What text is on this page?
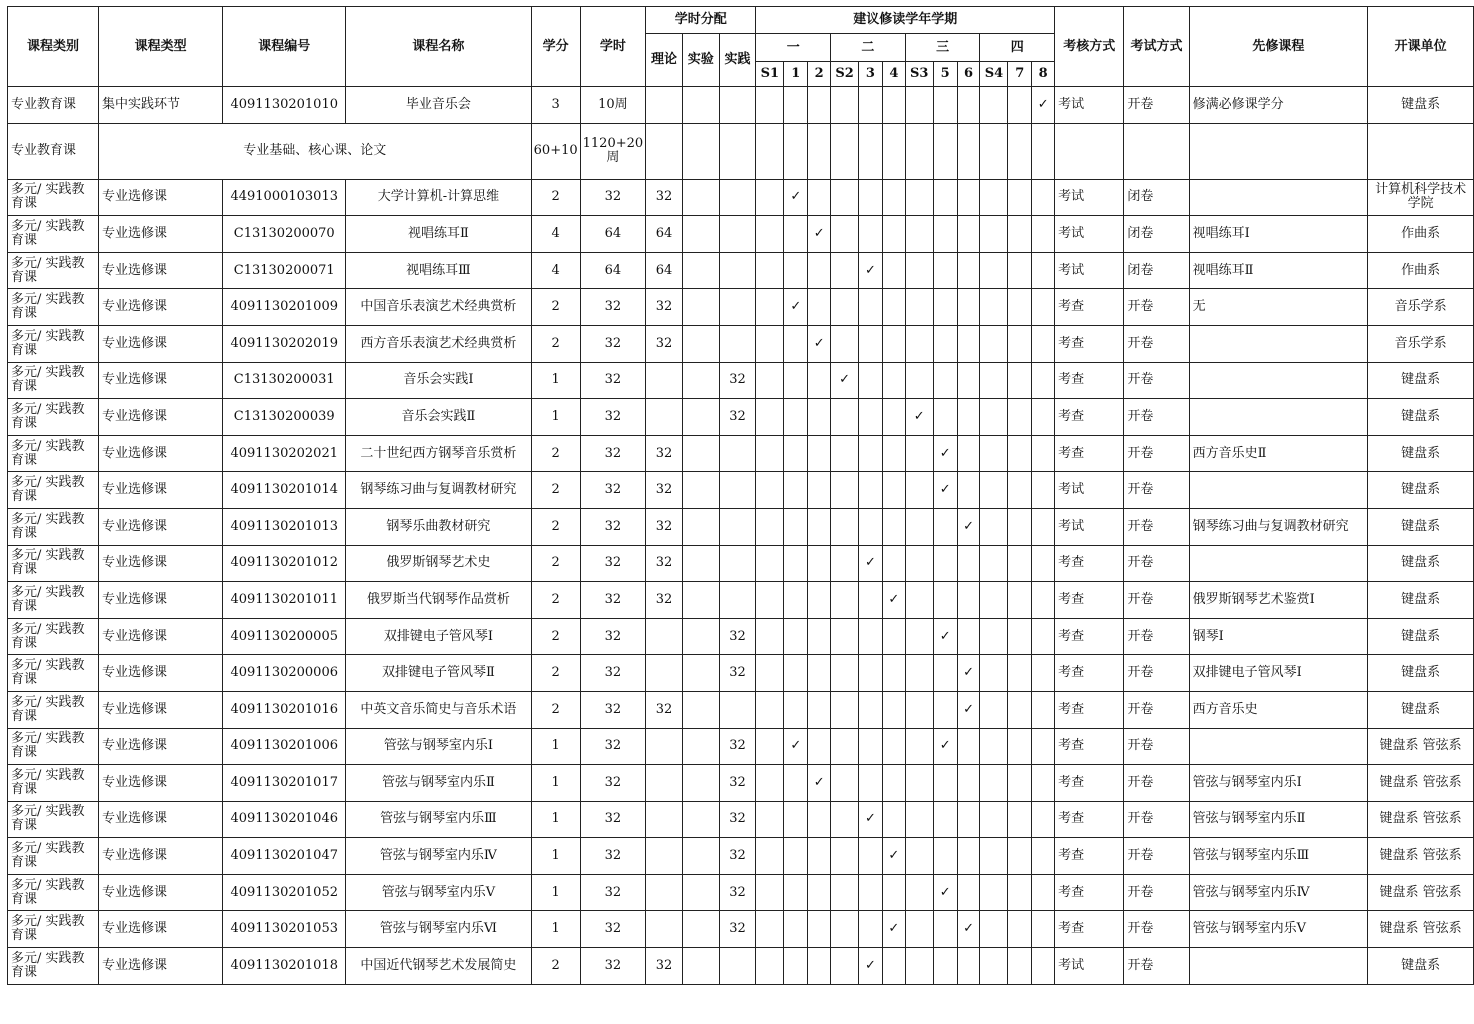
课程类别	课程类型	课程编号	课程名称	学分	学时	学时分配			建议修读学年学期												考核方式	考试方式	先修课程	开课单位
						理论	实验	实践	一			二			三			四						
									S1	1	2	S2	3	4	S3	5	6	S4	7	8				
专业教育课	集中实践环节	4091130201010	毕业音乐会	3	10周															✓	考试	开卷	修满必修课学分	键盘系
专业教育课	专业基础、核心课、论文			60+10	1120+20周																			
多元/ 实践教育课	专业选修课	4491000103013	大学计算机-计算思维	2	32	32				✓											考试	闭卷		计算机科学技术学院
多元/ 实践教育课	专业选修课	C13130200070	视唱练耳Ⅱ	4	64	64					✓										考试	闭卷	视唱练耳Ⅰ	作曲系
多元/ 实践教育课	专业选修课	C13130200071	视唱练耳Ⅲ	4	64	64							✓								考试	闭卷	视唱练耳Ⅱ	作曲系
多元/ 实践教育课	专业选修课	4091130201009	中国音乐表演艺术经典赏析	2	32	32				✓											考查	开卷	无	音乐学系
多元/ 实践教育课	专业选修课	4091130202019	西方音乐表演艺术经典赏析	2	32	32					✓										考查	开卷		音乐学系
多元/ 实践教育课	专业选修课	C13130200031	音乐会实践Ⅰ	1	32			32				✓									考查	开卷		键盘系
多元/ 实践教育课	专业选修课	C13130200039	音乐会实践Ⅱ	1	32			32							✓						考查	开卷		键盘系
多元/ 实践教育课	专业选修课	4091130202021	二十世纪西方钢琴音乐赏析	2	32	32										✓					考查	开卷	西方音乐史Ⅱ	键盘系
多元/ 实践教育课	专业选修课	4091130201014	钢琴练习曲与复调教材研究	2	32	32										✓					考试	开卷		键盘系
多元/ 实践教育课	专业选修课	4091130201013	钢琴乐曲教材研究	2	32	32											✓				考试	开卷	钢琴练习曲与复调教材研究	键盘系
多元/ 实践教育课	专业选修课	4091130201012	俄罗斯钢琴艺术史	2	32	32							✓								考查	开卷		键盘系
多元/ 实践教育课	专业选修课	4091130201011	俄罗斯当代钢琴作品赏析	2	32	32								✓							考查	开卷	俄罗斯钢琴艺术鉴赏Ⅰ	键盘系
多元/ 实践教育课	专业选修课	4091130200005	双排键电子管风琴Ⅰ	2	32			32								✓					考查	开卷	钢琴Ⅰ	键盘系
多元/ 实践教育课	专业选修课	4091130200006	双排键电子管风琴Ⅱ	2	32			32									✓				考查	开卷	双排键电子管风琴Ⅰ	键盘系
多元/ 实践教育课	专业选修课	4091130201016	中英文音乐简史与音乐术语	2	32	32											✓				考查	开卷	西方音乐史	键盘系
多元/ 实践教育课	专业选修课	4091130201006	管弦与钢琴室内乐Ⅰ	1	32			32		✓						✓					考查	开卷		键盘系 管弦系
多元/ 实践教育课	专业选修课	4091130201017	管弦与钢琴室内乐Ⅱ	1	32			32			✓										考查	开卷	管弦与钢琴室内乐Ⅰ	键盘系 管弦系
多元/ 实践教育课	专业选修课	4091130201046	管弦与钢琴室内乐Ⅲ	1	32			32					✓								考查	开卷	管弦与钢琴室内乐Ⅱ	键盘系 管弦系
多元/ 实践教育课	专业选修课	4091130201047	管弦与钢琴室内乐Ⅳ	1	32			32						✓							考查	开卷	管弦与钢琴室内乐Ⅲ	键盘系 管弦系
多元/ 实践教育课	专业选修课	4091130201052	管弦与钢琴室内乐Ⅴ	1	32			32								✓					考查	开卷	管弦与钢琴室内乐Ⅳ	键盘系 管弦系
多元/ 实践教育课	专业选修课	4091130201053	管弦与钢琴室内乐Ⅵ	1	32			32						✓			✓				考查	开卷	管弦与钢琴室内乐Ⅴ	键盘系 管弦系
多元/ 实践教育课	专业选修课	4091130201018	中国近代钢琴艺术发展简史	2	32	32							✓								考试	开卷		键盘系
